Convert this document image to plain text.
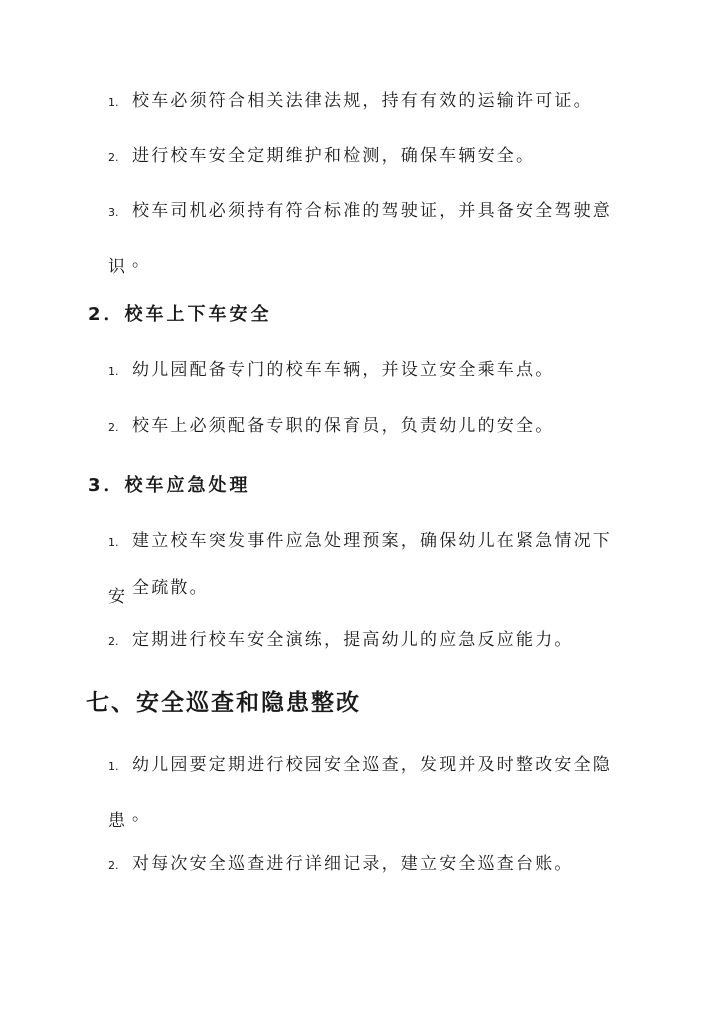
1. 校车必须符合相关法律法规，持有有效的运输许可证。
2. 进行校车安全定期维护和检测，确保车辆安全。
3. 校车司机必须持有符合标准的驾驶证，并具备安全驾驶意识 。
2．校车上下车安全
1. 幼儿园配备专门的校车车辆，并设立安全乘车点。
2. 校车上必须配备专职的保育员，负责幼儿的安全。
3．校车应急处理
1. 建立校车突发事件应急处理预案，确保幼儿在紧急情况下安 全疏散。
2. 定期进行校车安全演练，提高幼儿的应急反应能力。
七、安全巡查和隐患整改
1. 幼儿园要定期进行校园安全巡查，发现并及时整改安全隐患 。
2. 对每次安全巡查进行详细记录，建立安全巡查台账。
